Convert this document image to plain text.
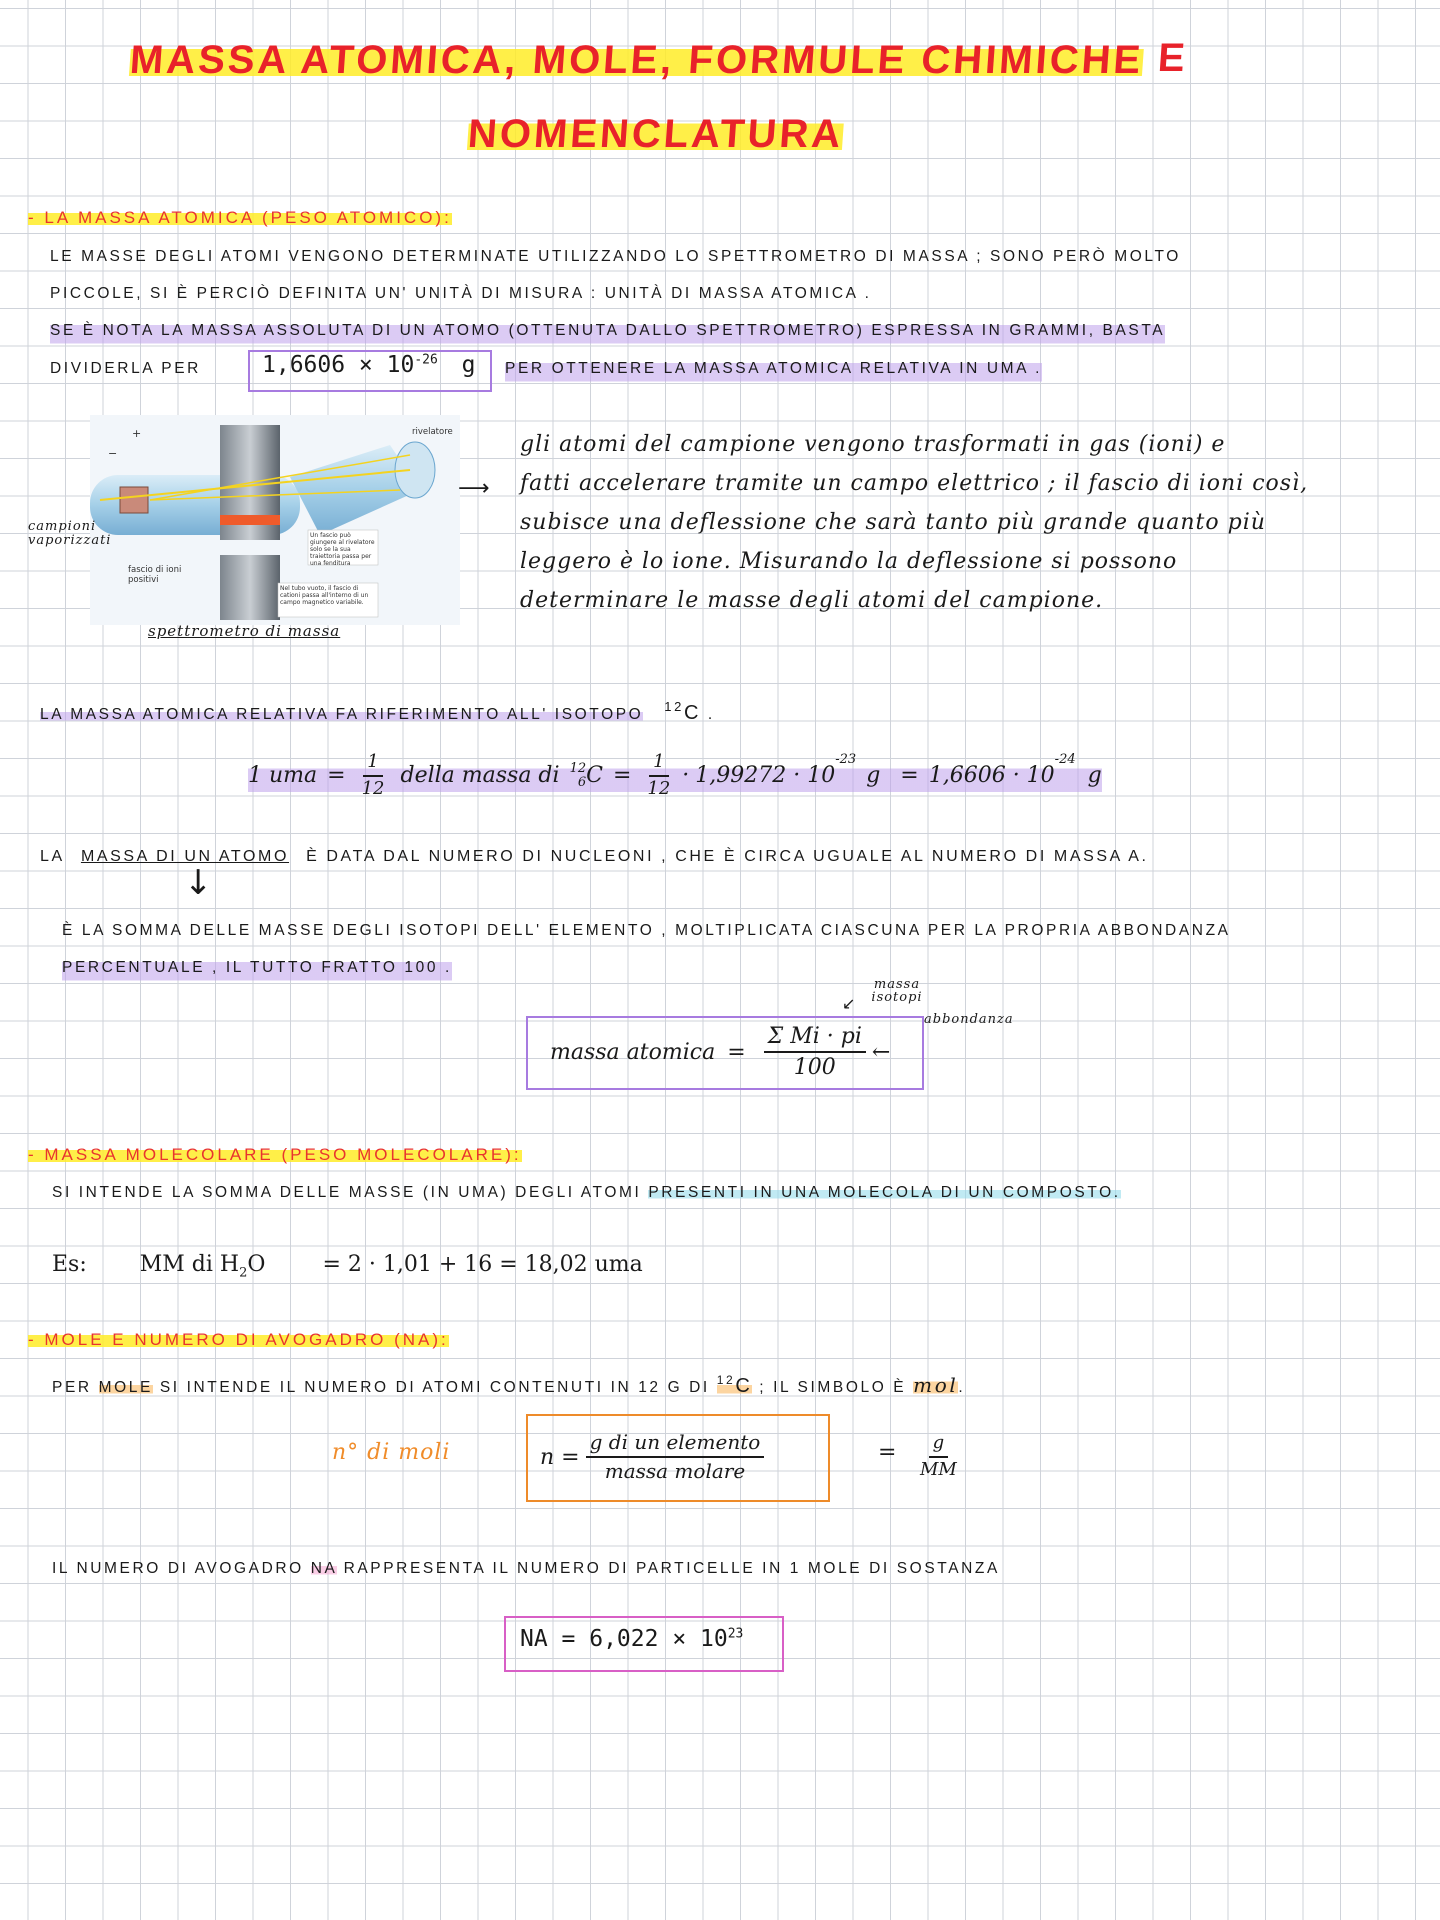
MASSA ATOMICA, MOLE, FORMULE CHIMICHE E
NOMENCLATURA
- LA MASSA ATOMICA (PESO ATOMICO):
LE MASSE DEGLI ATOMI VENGONO DETERMINATE UTILIZZANDO LO SPETTROMETRO DI MASSA ; SONO PERÒ MOLTO
PICCOLE, SI È PERCIÒ DEFINITA UN' UNITÀ DI MISURA : UNITÀ DI MASSA ATOMICA .
SE È NOTA LA MASSA ASSOLUTA DI UN ATOMO (OTTENUTA DALLO SPETTROMETRO) ESPRESSA IN GRAMMI, BASTA
DIVIDERLA PER	$1,6606 \times 10^{-26}$ g PER OTTENERE LA MASSA ATOMICA RELATIVA IN UMA .
+
−
rivelatore
fascio di ioni positivi
Un fascio può giungere al rivelatore solo se la sua traiettoria passa per una fenditura
Nel tubo vuoto, il fascio di cationi passa all'interno di un campo magnetico variabile.
campioni vaporizzati
spettrometro di massa
⟶
gli atomi del campione vengono trasformati in gas (ioni) e
fatti accelerare tramite un campo elettrico ; il fascio di ioni così,
subisce una deflessione che sarà tanto più grande quanto più
leggero è lo ione. Misurando la deflessione si possono
determinare le masse degli atomi del campione.
LA MASSA ATOMICA RELATIVA FA RIFERIMENTO ALL' ISOTOPO $^{12}$C .
1 uma = $\frac{1}{12}$ della massa di 12
6 $C = \frac{1}{12} \cdot 1,99272 \cdot 10$
$^{-23}$
g = 1,6606 · 10
$^{-24}$
g
LA MASSA DI UN ATOMO È DATA DAL NUMERO DI NUCLEONI , CHE È CIRCA UGUALE AL NUMERO DI MASSA A.
↓
È LA SOMMA DELLE MASSE DEGLI ISOTOPI DELL' ELEMENTO , MOLTIPLICATA CIASCUNA PER LA PROPRIA ABBONDANZA
PERCENTUALE , IL TUTTO FRATTO 100 .
massa isotopi
↙
abbondanza
massa atomica = $\frac{\text{Σ Mi · pi}}{100}$ ←
- MASSA MOLECOLARE (PESO MOLECOLARE):
SI INTENDE LA SOMMA DELLE MASSE (IN UMA) DEGLI ATOMI PRESENTI IN UNA MOLECOLA DI UN COMPOSTO.
Es: MM di $H_2O$	= 2 · 1,01 + 16 = 18,02 uma
- MOLE E NUMERO DI AVOGADRO (NA):
PER MOLE SI INTENDE IL NUMERO DI ATOMI CONTENUTI IN 12 G DI $^{12}$C ; IL SIMBOLO È mol.
n° di moli	$n = \frac{\text{g di un elemento}}{\text{massa molare}}$	= $\frac{g}{MM}$
IL NUMERO DI AVOGADRO NA RAPPRESENTA IL NUMERO DI PARTICELLE IN 1 MOLE DI SOSTANZA
NA = $6,022 \times 10^{23}$
